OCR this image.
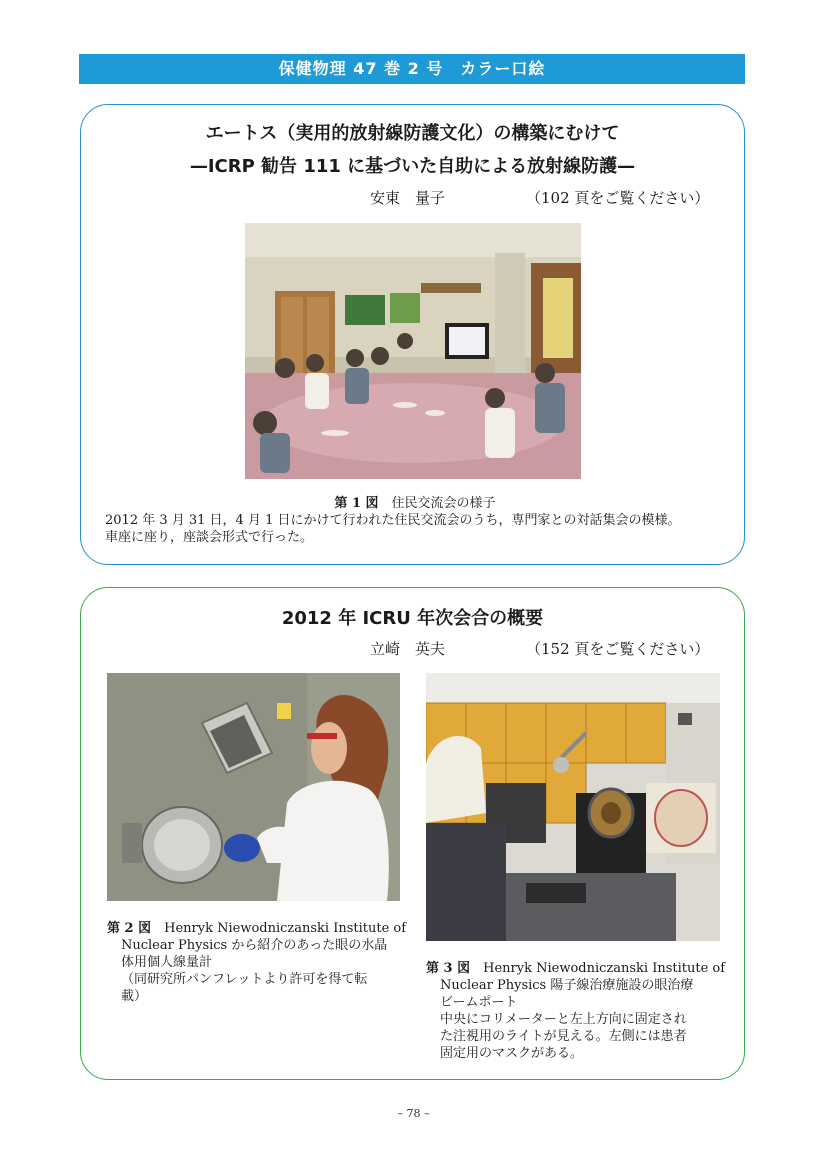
保健物理 47 巻 2 号　カラー口絵
エートス（実用的放射線防護文化）の構築にむけて
—ICRP 勧告 111 に基づいた自助による放射線防護—
安東　量子	（102 頁をご覧ください）
第 1 図　 住民交流会の様子
2012 年 3 月 31 日，4 月 1 日にかけて行われた住民交流会のうち，専門家との対話集会の模様。
車座に座り，座談会形式で行った。
2012 年 ICRU 年次会合の概要
立崎　英夫	（152 頁をご覧ください）
第 2 図　 Henryk Niewodniczanski Institute of
Nuclear Physics から紹介のあった眼の水晶
体用個人線量計
（同研究所パンフレットより許可を得て転
載）
第 3 図　 Henryk Niewodniczanski Institute of
Nuclear Physics 陽子線治療施設の眼治療
ビームポート
中央にコリメーターと左上方向に固定され
た注視用のライトが見える。左側には患者
固定用のマスクがある。
– 78 –
